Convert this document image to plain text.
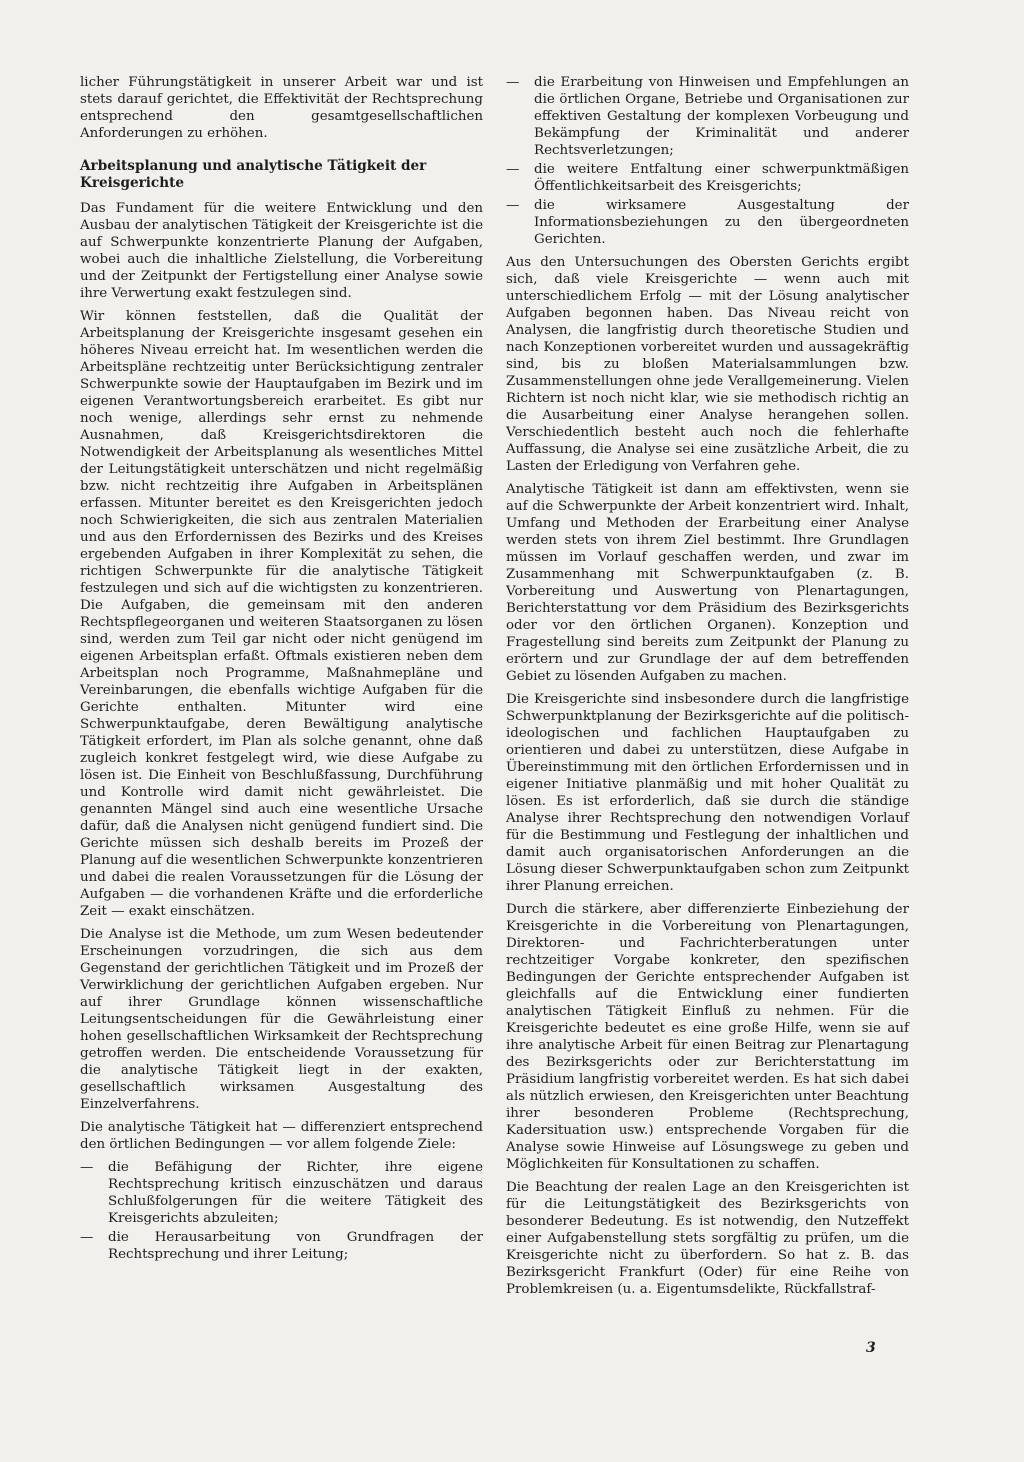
licher Führungstätigkeit in unserer Arbeit war und ist stets darauf gerichtet, die Effektivität der Rechtsprechung entsprechend den gesamtgesellschaftlichen Anforderungen zu erhöhen.

Arbeitsplanung und analytische Tätigkeit der Kreisgerichte

Das Fundament für die weitere Entwicklung und den Ausbau der analytischen Tätigkeit der Kreisgerichte ist die auf Schwerpunkte konzentrierte Planung der Aufgaben, wobei auch die inhaltliche Zielstellung, die Vorbereitung und der Zeitpunkt der Fertigstellung einer Analyse sowie ihre Verwertung exakt festzulegen sind.

Wir können feststellen, daß die Qualität der Arbeitsplanung der Kreisgerichte insgesamt gesehen ein höheres Niveau erreicht hat. Im wesentlichen werden die Arbeitspläne rechtzeitig unter Berücksichtigung zentraler Schwerpunkte sowie der Hauptaufgaben im Bezirk und im eigenen Verantwortungsbereich erarbeitet. Es gibt nur noch wenige, allerdings sehr ernst zu nehmende Ausnahmen, daß Kreisgerichtsdirektoren die Notwendigkeit der Arbeitsplanung als wesentliches Mittel der Leitungstätigkeit unterschätzen und nicht regelmäßig bzw. nicht rechtzeitig ihre Aufgaben in Arbeitsplänen erfassen. Mitunter bereitet es den Kreisgerichten jedoch noch Schwierigkeiten, die sich aus zentralen Materialien und aus den Erfordernissen des Bezirks und des Kreises ergebenden Aufgaben in ihrer Komplexität zu sehen, die richtigen Schwerpunkte für die analytische Tätigkeit festzulegen und sich auf die wichtigsten zu konzentrieren. Die Aufgaben, die gemeinsam mit den anderen Rechtspflegeorganen und weiteren Staatsorganen zu lösen sind, werden zum Teil gar nicht oder nicht genügend im eigenen Arbeitsplan erfaßt. Oftmals existieren neben dem Arbeitsplan noch Programme, Maßnahmepläne und Vereinbarungen, die ebenfalls wichtige Aufgaben für die Gerichte enthalten. Mitunter wird eine Schwerpunktaufgabe, deren Bewältigung analytische Tätigkeit erfordert, im Plan als solche genannt, ohne daß zugleich konkret festgelegt wird, wie diese Aufgabe zu lösen ist. Die Einheit von Beschlußfassung, Durchführung und Kontrolle wird damit nicht gewährleistet. Die genannten Mängel sind auch eine wesentliche Ursache dafür, daß die Analysen nicht genügend fundiert sind. Die Gerichte müssen sich deshalb bereits im Prozeß der Planung auf die wesentlichen Schwerpunkte konzentrieren und dabei die realen Voraussetzungen für die Lösung der Aufgaben — die vorhandenen Kräfte und die erforderliche Zeit — exakt einschätzen.

Die Analyse ist die Methode, um zum Wesen bedeutender Erscheinungen vorzudringen, die sich aus dem Gegenstand der gerichtlichen Tätigkeit und im Prozeß der Verwirklichung der gerichtlichen Aufgaben ergeben. Nur auf ihrer Grundlage können wissenschaftliche Leitungsentscheidungen für die Gewährleistung einer hohen gesellschaftlichen Wirksamkeit der Rechtsprechung getroffen werden. Die entscheidende Voraussetzung für die analytische Tätigkeit liegt in der exakten, gesellschaftlich wirksamen Ausgestaltung des Einzelverfahrens.

Die analytische Tätigkeit hat — differenziert entsprechend den örtlichen Bedingungen — vor allem folgende Ziele:

— die Befähigung der Richter, ihre eigene Rechtsprechung kritisch einzuschätzen und daraus Schlußfolgerungen für die weitere Tätigkeit des Kreisgerichts abzuleiten;
— die Herausarbeitung von Grundfragen der Rechtsprechung und ihrer Leitung;
— die Erarbeitung von Hinweisen und Empfehlungen an die örtlichen Organe, Betriebe und Organisationen zur effektiven Gestaltung der komplexen Vorbeugung und Bekämpfung der Kriminalität und anderer Rechtsverletzungen;
— die weitere Entfaltung einer schwerpunktmäßigen Öffentlichkeitsarbeit des Kreisgerichts;
— die wirksamere Ausgestaltung der Informationsbeziehungen zu den übergeordneten Gerichten.

Aus den Untersuchungen des Obersten Gerichts ergibt sich, daß viele Kreisgerichte — wenn auch mit unterschiedlichem Erfolg — mit der Lösung analytischer Aufgaben begonnen haben. Das Niveau reicht von Analysen, die langfristig durch theoretische Studien und nach Konzeptionen vorbereitet wurden und aussagekräftig sind, bis zu bloßen Materialsammlungen bzw. Zusammenstellungen ohne jede Verallgemeinerung. Vielen Richtern ist noch nicht klar, wie sie methodisch richtig an die Ausarbeitung einer Analyse herangehen sollen. Verschiedentlich besteht auch noch die fehlerhafte Auffassung, die Analyse sei eine zusätzliche Arbeit, die zu Lasten der Erledigung von Verfahren gehe.

Analytische Tätigkeit ist dann am effektivsten, wenn sie auf die Schwerpunkte der Arbeit konzentriert wird. Inhalt, Umfang und Methoden der Erarbeitung einer Analyse werden stets von ihrem Ziel bestimmt. Ihre Grundlagen müssen im Vorlauf geschaffen werden, und zwar im Zusammenhang mit Schwerpunktaufgaben (z. B. Vorbereitung und Auswertung von Plenartagungen, Berichterstattung vor dem Präsidium des Bezirksgerichts oder vor den örtlichen Organen). Konzeption und Fragestellung sind bereits zum Zeitpunkt der Planung zu erörtern und zur Grundlage der auf dem betreffenden Gebiet zu lösenden Aufgaben zu machen.

Die Kreisgerichte sind insbesondere durch die langfristige Schwerpunktplanung der Bezirksgerichte auf die politisch-ideologischen und fachlichen Hauptaufgaben zu orientieren und dabei zu unterstützen, diese Aufgabe in Übereinstimmung mit den örtlichen Erfordernissen und in eigener Initiative planmäßig und mit hoher Qualität zu lösen. Es ist erforderlich, daß sie durch die ständige Analyse ihrer Rechtsprechung den notwendigen Vorlauf für die Bestimmung und Festlegung der inhaltlichen und damit auch organisatorischen Anforderungen an die Lösung dieser Schwerpunktaufgaben schon zum Zeitpunkt ihrer Planung erreichen.

Durch die stärkere, aber differenzierte Einbeziehung der Kreisgerichte in die Vorbereitung von Plenartagungen, Direktoren- und Fachrichterberatungen unter rechtzeitiger Vorgabe konkreter, den spezifischen Bedingungen der Gerichte entsprechender Aufgaben ist gleichfalls auf die Entwicklung einer fundierten analytischen Tätigkeit Einfluß zu nehmen. Für die Kreisgerichte bedeutet es eine große Hilfe, wenn sie auf ihre analytische Arbeit für einen Beitrag zur Plenartagung des Bezirksgerichts oder zur Berichterstattung im Präsidium langfristig vorbereitet werden. Es hat sich dabei als nützlich erwiesen, den Kreisgerichten unter Beachtung ihrer besonderen Probleme (Rechtsprechung, Kadersituation usw.) entsprechende Vorgaben für die Analyse sowie Hinweise auf Lösungswege zu geben und Möglichkeiten für Konsultationen zu schaffen.

Die Beachtung der realen Lage an den Kreisgerichten ist für die Leitungstätigkeit des Bezirksgerichts von besonderer Bedeutung. Es ist notwendig, den Nutzeffekt einer Aufgabenstellung stets sorgfältig zu prüfen, um die Kreisgerichte nicht zu überfordern. So hat z. B. das Bezirksgericht Frankfurt (Oder) für eine Reihe von Problemkreisen (u. a. Eigentumsdelikte, Rückfallstraf-

3
